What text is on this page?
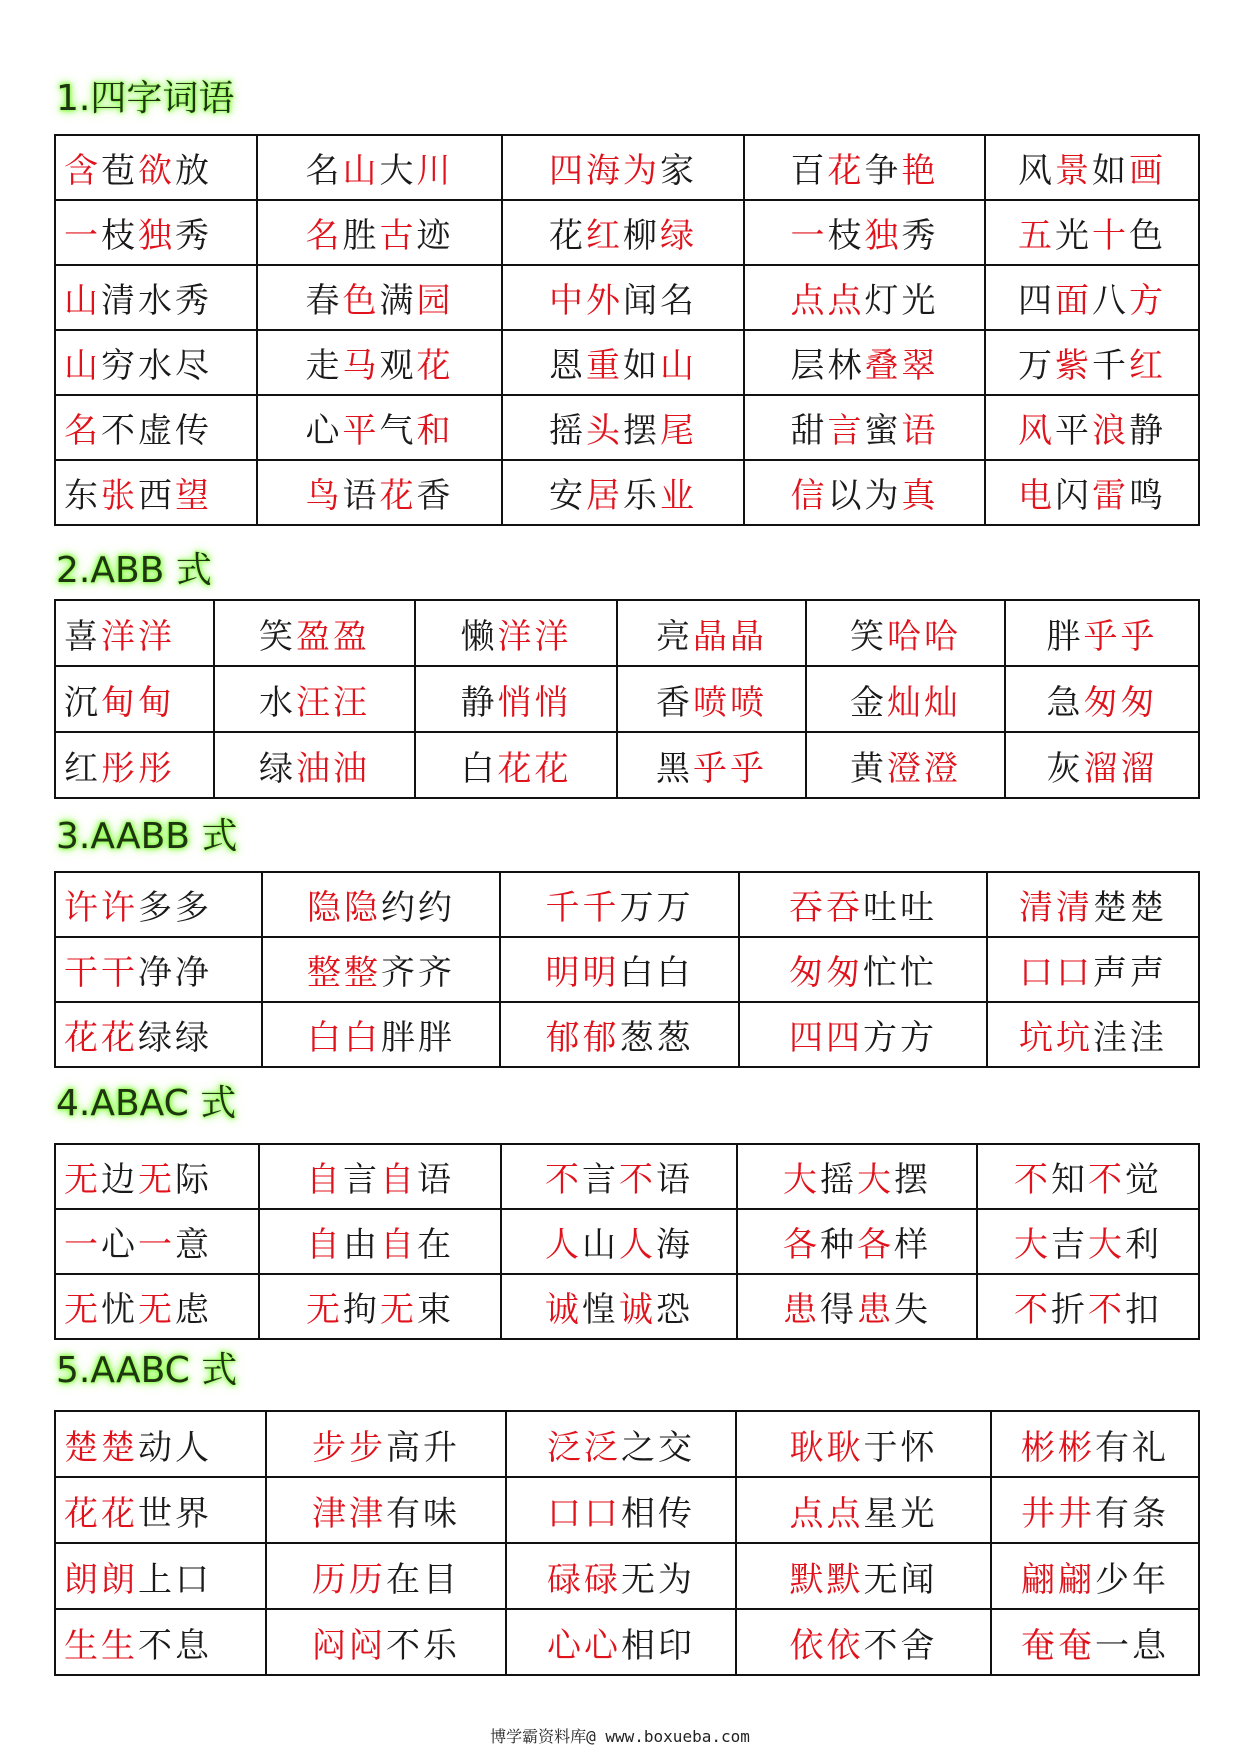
1.四字词语
含苞欲放	名山大川	四海为家	百花争艳	风景如画
一枝独秀	名胜古迹	花红柳绿	一枝独秀	五光十色
山清水秀	春色满园	中外闻名	点点灯光	四面八方
山穷水尽	走马观花	恩重如山	层林叠翠	万紫千红
名不虚传	心平气和	摇头摆尾	甜言蜜语	风平浪静
东张西望	鸟语花香	安居乐业	信以为真	电闪雷鸣
2.ABB 式
喜洋洋	笑盈盈	懒洋洋	亮晶晶	笑哈哈	胖乎乎
沉甸甸	水汪汪	静悄悄	香喷喷	金灿灿	急匆匆
红彤彤	绿油油	白花花	黑乎乎	黄澄澄	灰溜溜
3.AABB 式
许许多多	隐隐约约	千千万万	吞吞吐吐	清清楚楚
干干净净	整整齐齐	明明白白	匆匆忙忙	口口声声
花花绿绿	白白胖胖	郁郁葱葱	四四方方	坑坑洼洼
4.ABAC 式
无边无际	自言自语	不言不语	大摇大摆	不知不觉
一心一意	自由自在	人山人海	各种各样	大吉大利
无忧无虑	无拘无束	诚惶诚恐	患得患失	不折不扣
5.AABC 式
楚楚动人	步步高升	泛泛之交	耿耿于怀	彬彬有礼
花花世界	津津有味	口口相传	点点星光	井井有条
朗朗上口	历历在目	碌碌无为	默默无闻	翩翩少年
生生不息	闷闷不乐	心心相印	依依不舍	奄奄一息
博学霸资料库@ www.boxueba.com
